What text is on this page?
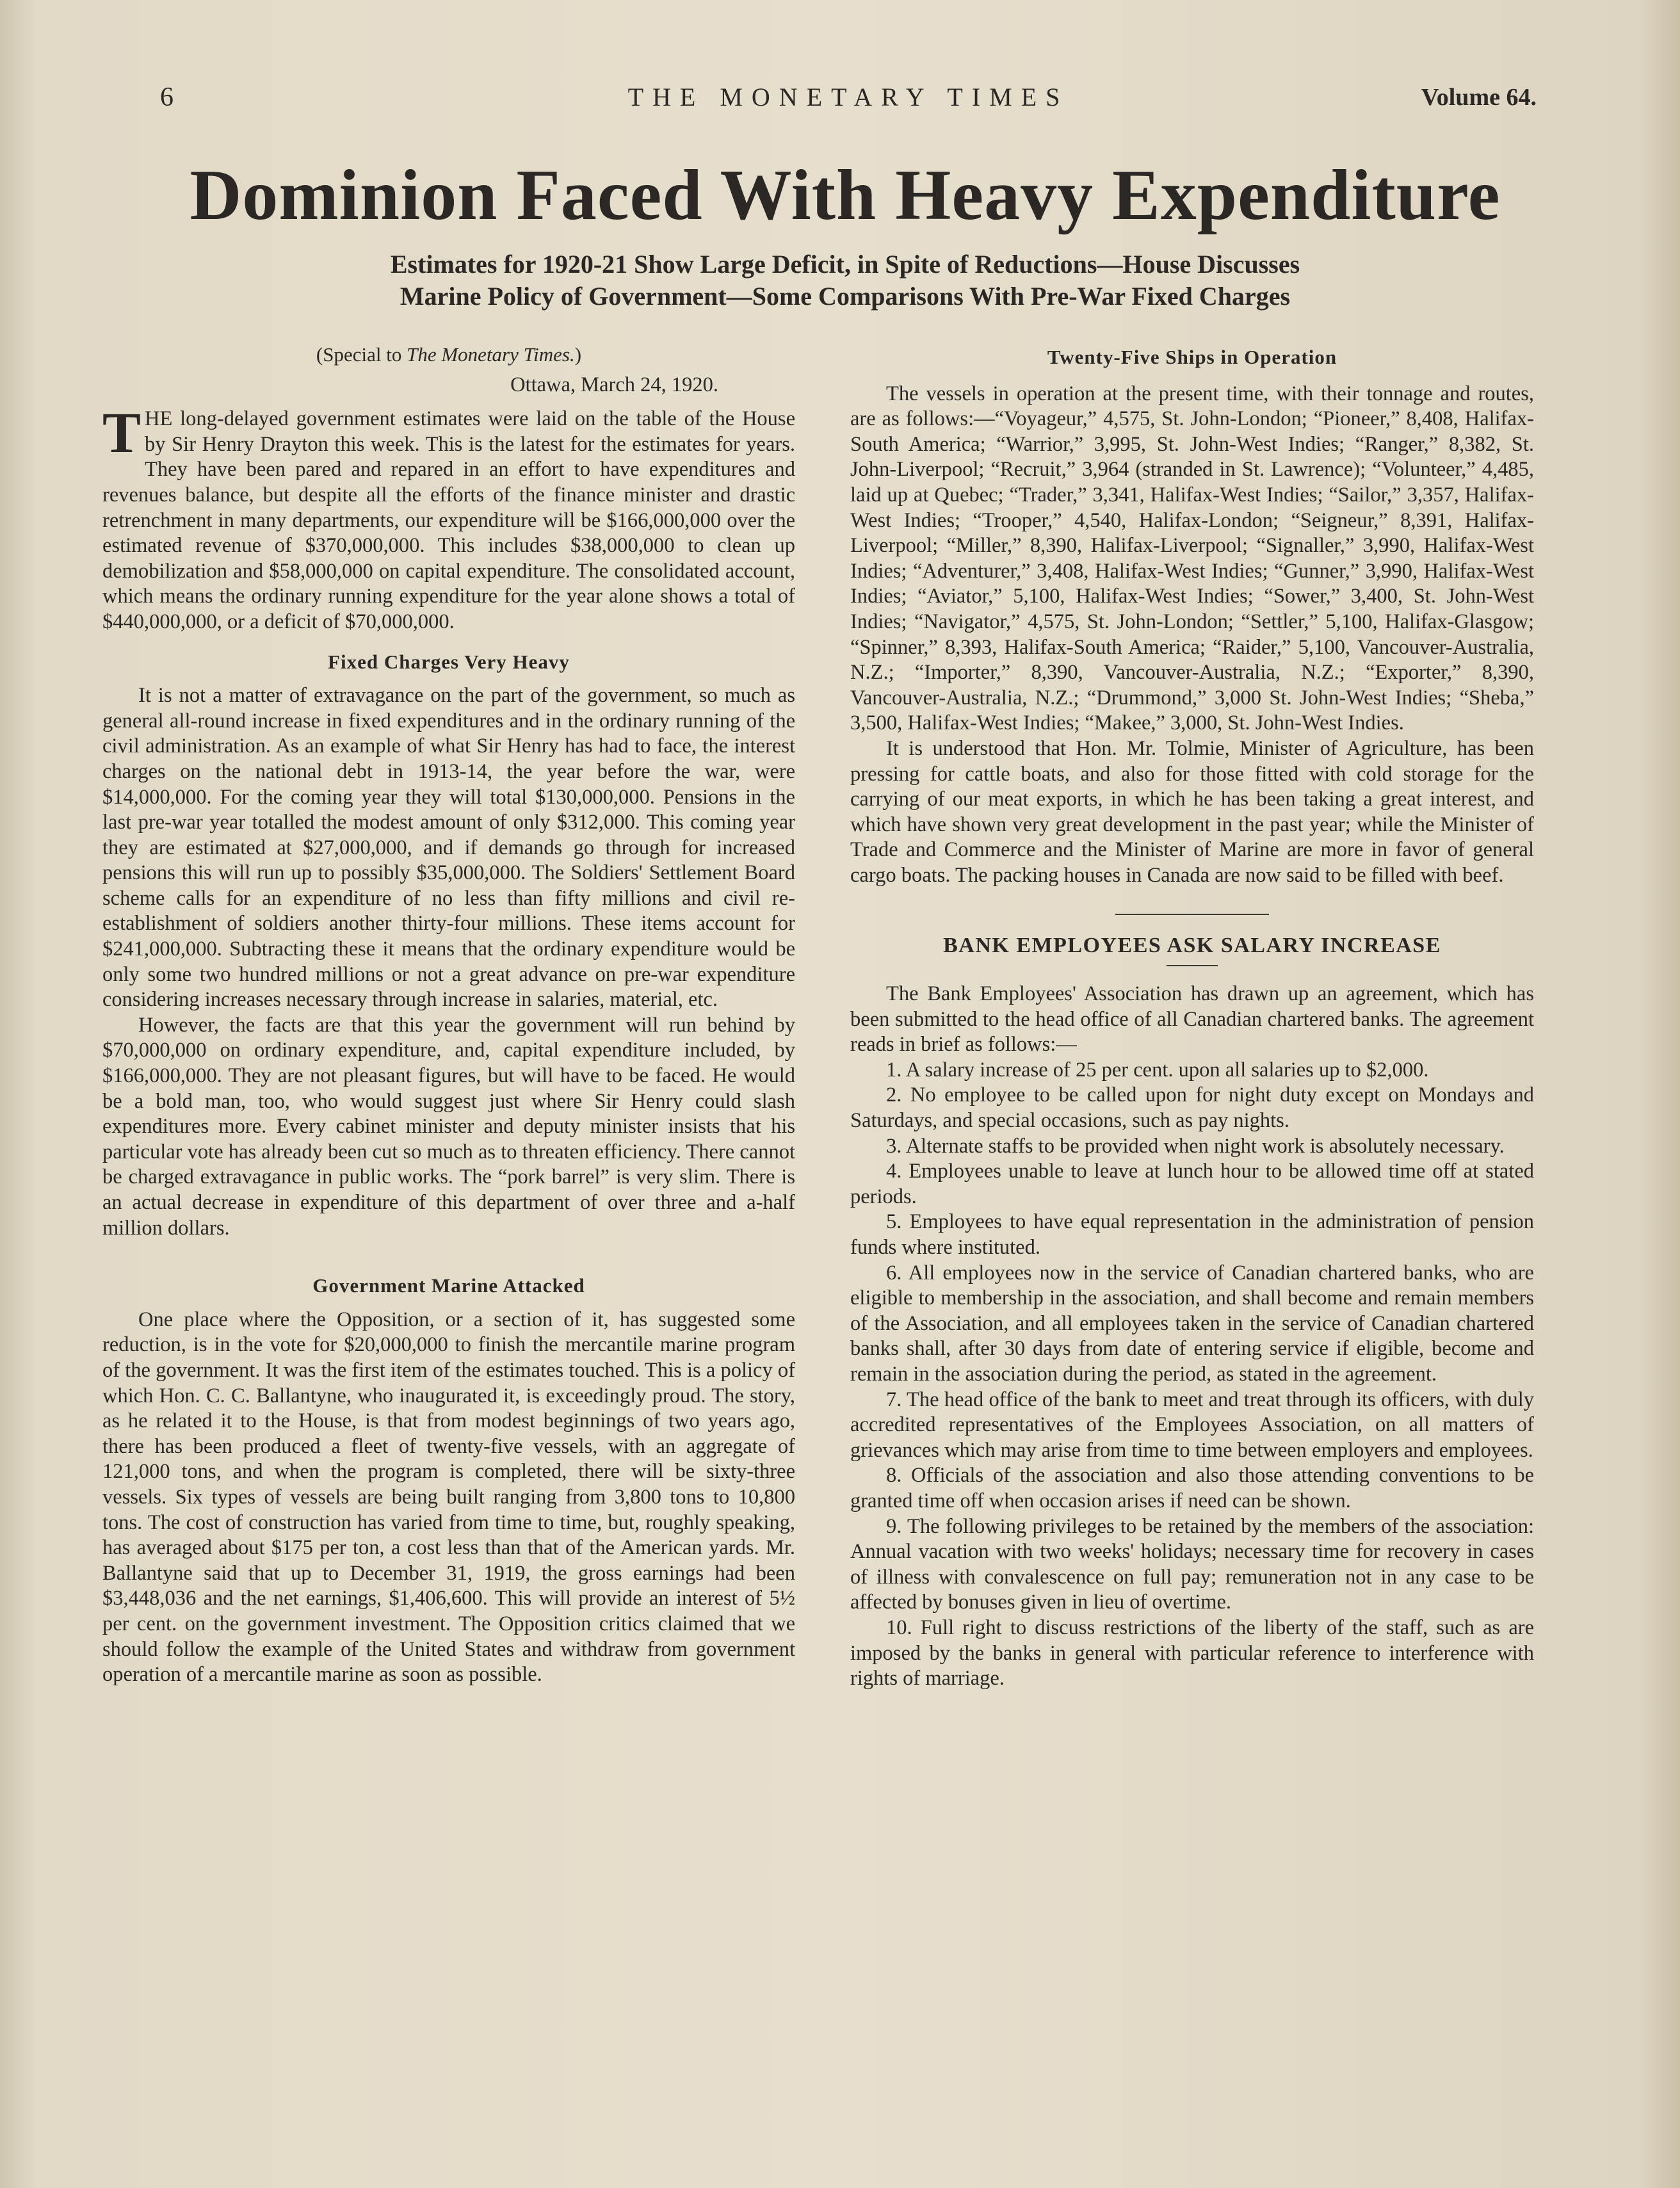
6	THE MONETARY TIMES	Volume 64.
Dominion Faced With Heavy Expenditure
Estimates for 1920-21 Show Large Deficit, in Spite of Reductions—House Discusses
Marine Policy of Government—Some Comparisons With Pre-War Fixed Charges
(Special to The Monetary Times.)
Ottawa, March 24, 1920.

THE long-delayed government estimates were laid on the table of the House by Sir Henry Drayton this week. This is the latest for the estimates for years. They have been pared and repared in an effort to have expenditures and revenues balance, but despite all the efforts of the finance minister and drastic retrenchment in many departments, our expenditure will be $166,000,000 over the estimated revenue of $370,000,000. This includes $38,000,000 to clean up demobilization and $58,000,000 on capital expenditure. The consolidated account, which means the ordinary running expenditure for the year alone shows a total of $440,000,000, or a deficit of $70,000,000.

Fixed Charges Very Heavy

It is not a matter of extravagance on the part of the government, so much as general all-round increase in fixed expenditures and in the ordinary running of the civil administration. As an example of what Sir Henry has had to face, the interest charges on the national debt in 1913-14, the year before the war, were $14,000,000. For the coming year they will total $130,000,000. Pensions in the last pre-war year totalled the modest amount of only $312,000. This coming year they are estimated at $27,000,000, and if demands go through for increased pensions this will run up to possibly $35,000,000. The Soldiers' Settlement Board scheme calls for an expenditure of no less than fifty millions and civil re-establishment of soldiers another thirty-four millions. These items account for $241,000,000. Subtracting these it means that the ordinary expenditure would be only some two hundred millions or not a great advance on pre-war expenditure considering increases necessary through increase in salaries, material, etc.

However, the facts are that this year the government will run behind by $70,000,000 on ordinary expenditure, and, capital expenditure included, by $166,000,000. They are not pleasant figures, but will have to be faced. He would be a bold man, too, who would suggest just where Sir Henry could slash expenditures more. Every cabinet minister and deputy minister insists that his particular vote has already been cut so much as to threaten efficiency. There cannot be charged extravagance in public works. The “pork barrel” is very slim. There is an actual decrease in expenditure of this department of over three and a-half million dollars.

Government Marine Attacked

One place where the Opposition, or a section of it, has suggested some reduction, is in the vote for $20,000,000 to finish the mercantile marine program of the government. It was the first item of the estimates touched. This is a policy of which Hon. C. C. Ballantyne, who inaugurated it, is exceedingly proud. The story, as he related it to the House, is that from modest beginnings of two years ago, there has been produced a fleet of twenty-five vessels, with an aggregate of 121,000 tons, and when the program is completed, there will be sixty-three vessels. Six types of vessels are being built ranging from 3,800 tons to 10,800 tons. The cost of construction has varied from time to time, but, roughly speaking, has averaged about $175 per ton, a cost less than that of the American yards. Mr. Ballantyne said that up to December 31, 1919, the gross earnings had been $3,448,036 and the net earnings, $1,406,600. This will provide an interest of 5½ per cent. on the government investment. The Opposition critics claimed that we should follow the example of the United States and withdraw from government operation of a mercantile marine as soon as possible.

Twenty-Five Ships in Operation

The vessels in operation at the present time, with their tonnage and routes, are as follows:—“Voyageur,” 4,575, St. John-London; “Pioneer,” 8,408, Halifax-South America; “Warrior,” 3,995, St. John-West Indies; “Ranger,” 8,382, St. John-Liverpool; “Recruit,” 3,964 (stranded in St. Lawrence); “Volunteer,” 4,485, laid up at Quebec; “Trader,” 3,341, Halifax-West Indies; “Sailor,” 3,357, Halifax-West Indies; “Trooper,” 4,540, Halifax-London; “Seigneur,” 8,391, Halifax-Liverpool; “Miller,” 8,390, Halifax-Liverpool; “Signaller,” 3,990, Halifax-West Indies; “Adventurer,” 3,408, Halifax-West Indies; “Gunner,” 3,990, Halifax-West Indies; “Aviator,” 5,100, Halifax-West Indies; “Sower,” 3,400, St. John-West Indies; “Navigator,” 4,575, St. John-London; “Settler,” 5,100, Halifax-Glasgow; “Spinner,” 8,393, Halifax-South America; “Raider,” 5,100, Vancouver-Australia, N.Z.; “Importer,” 8,390, Vancouver-Australia, N.Z.; “Exporter,” 8,390, Vancouver-Australia, N.Z.; “Drummond,” 3,000 St. John-West Indies; “Sheba,” 3,500, Halifax-West Indies; “Makee,” 3,000, St. John-West Indies.

It is understood that Hon. Mr. Tolmie, Minister of Agriculture, has been pressing for cattle boats, and also for those fitted with cold storage for the carrying of our meat exports, in which he has been taking a great interest, and which have shown very great development in the past year; while the Minister of Trade and Commerce and the Minister of Marine are more in favor of general cargo boats. The packing houses in Canada are now said to be filled with beef.

BANK EMPLOYEES ASK SALARY INCREASE

The Bank Employees' Association has drawn up an agreement, which has been submitted to the head office of all Canadian chartered banks. The agreement reads in brief as follows:—

1. A salary increase of 25 per cent. upon all salaries up to $2,000.

2. No employee to be called upon for night duty except on Mondays and Saturdays, and special occasions, such as pay nights.

3. Alternate staffs to be provided when night work is absolutely necessary.

4. Employees unable to leave at lunch hour to be allowed time off at stated periods.

5. Employees to have equal representation in the administration of pension funds where instituted.

6. All employees now in the service of Canadian chartered banks, who are eligible to membership in the association, and shall become and remain members of the Association, and all employees taken in the service of Canadian chartered banks shall, after 30 days from date of entering service if eligible, become and remain in the association during the period, as stated in the agreement.

7. The head office of the bank to meet and treat through its officers, with duly accredited representatives of the Employees Association, on all matters of grievances which may arise from time to time between employers and employees.

8. Officials of the association and also those attending conventions to be granted time off when occasion arises if need can be shown.

9. The following privileges to be retained by the members of the association: Annual vacation with two weeks' holidays; necessary time for recovery in cases of illness with convalescence on full pay; remuneration not in any case to be affected by bonuses given in lieu of overtime.

10. Full right to discuss restrictions of the liberty of the staff, such as are imposed by the banks in general with particular reference to interference with rights of marriage.
